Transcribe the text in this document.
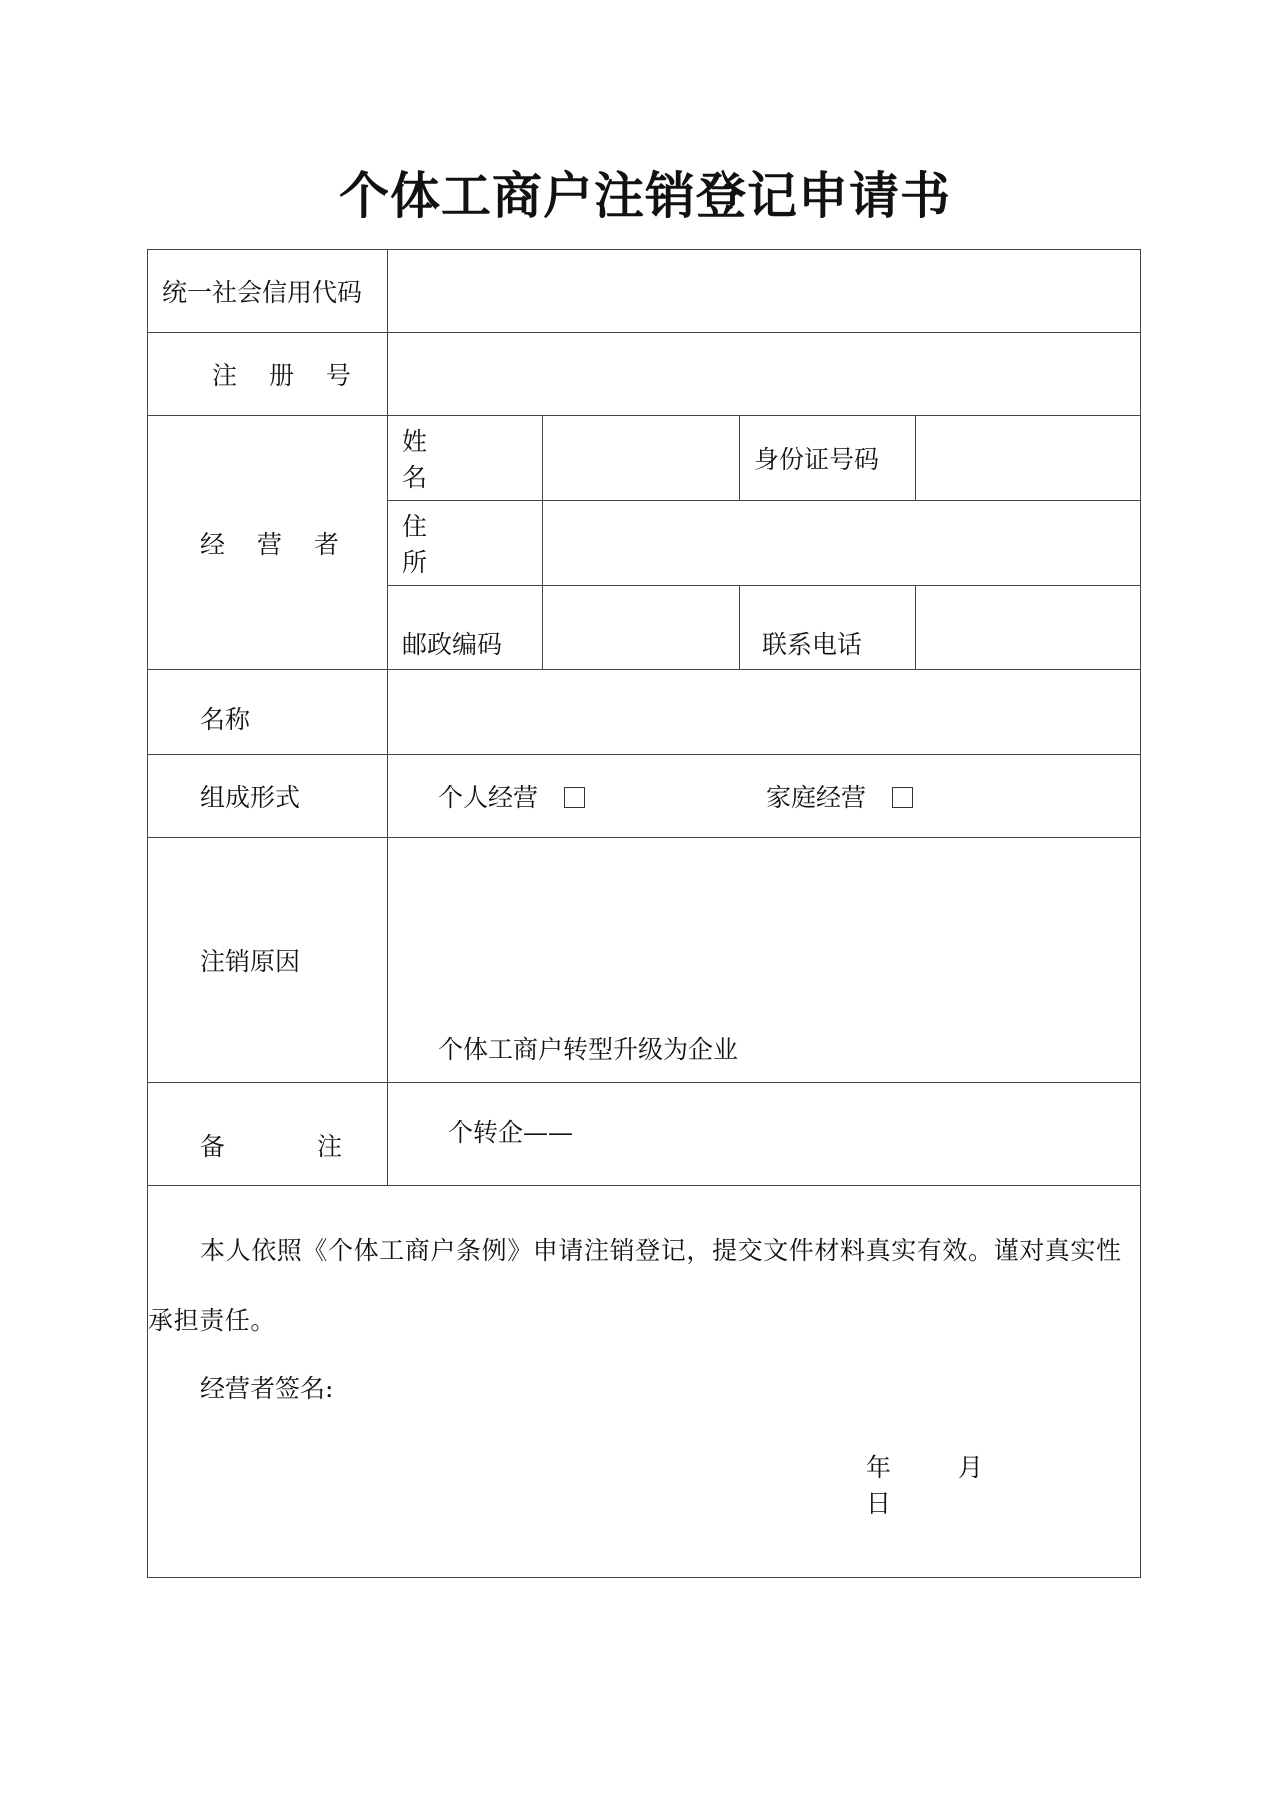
个体工商户注销登记申请书
统一社会信用代码				
注 册 号				
经 营 者	姓 名		身份证号码	
	住 所			
	邮政编码		联系电话	
名称				
组成形式	个人经营 家庭经营			

注销原因	个体工商户转型升级为企业			

备 注	个转企——			

本人依照《个体工商户条例》申请注销登记，提交文件材料真实有效。谨对真实性承担责任。
经营者签名:
年 月日				
